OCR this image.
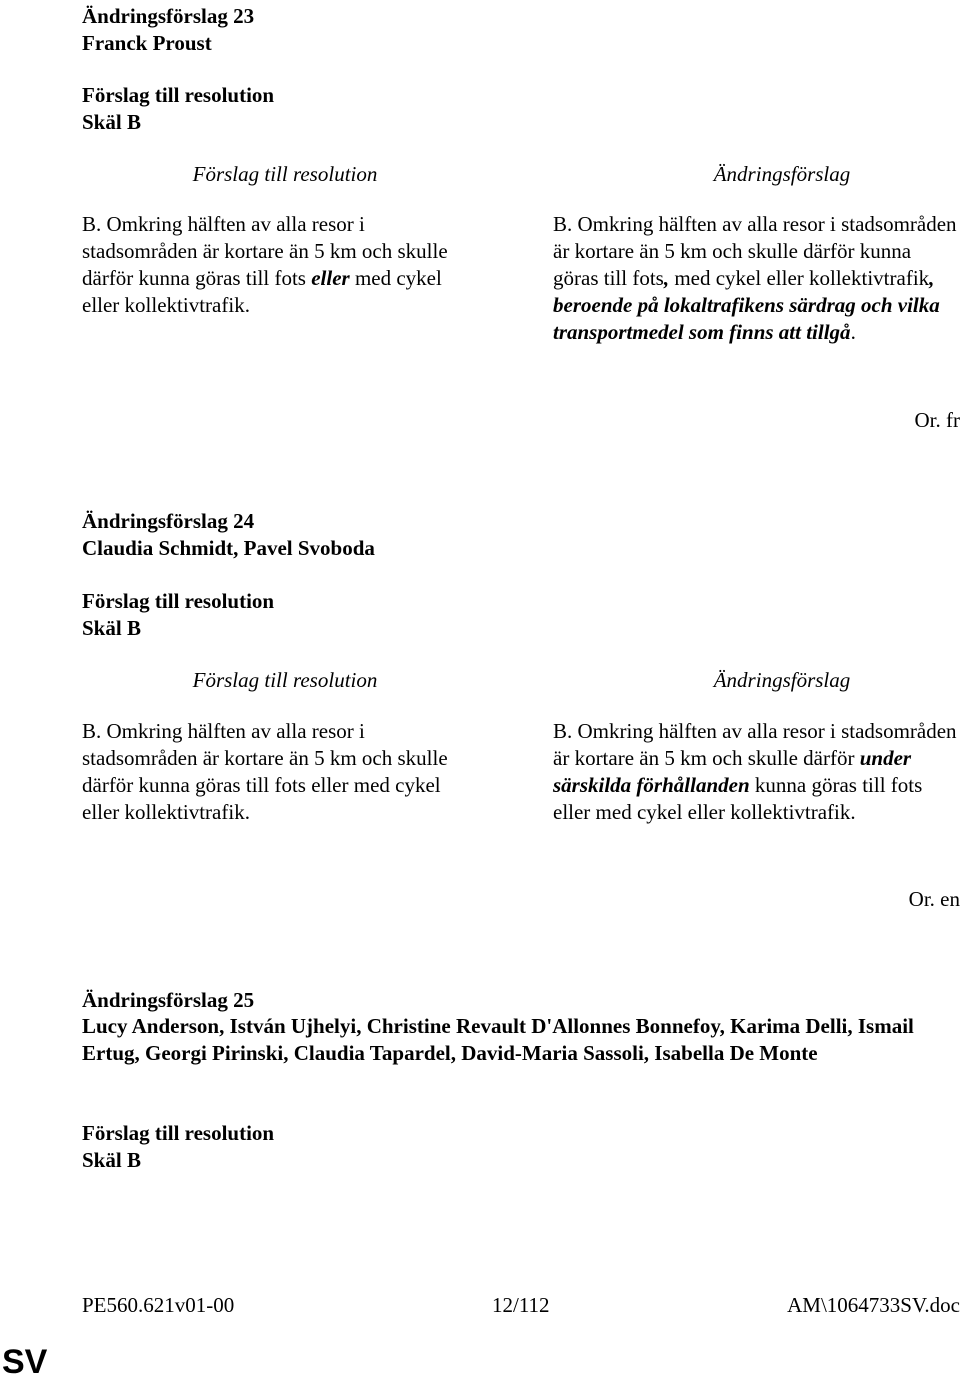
Ändringsförslag 23
Franck Proust
Förslag till resolution
Skäl B
Förslag till resolution	Ändringsförslag

B. Omkring hälften av alla resor i stadsområden är kortare än 5 km och skulle därför kunna göras till fots eller med cykel eller kollektivtrafik.

B. Omkring hälften av alla resor i stadsområden är kortare än 5 km och skulle därför kunna göras till fots, med cykel eller kollektivtrafik, beroende på lokaltrafikens särdrag och vilka transportmedel som finns att tillgå.

Or. fr
Ändringsförslag 24
Claudia Schmidt, Pavel Svoboda
Förslag till resolution
Skäl B
Förslag till resolution	Ändringsförslag

B. Omkring hälften av alla resor i stadsområden är kortare än 5 km och skulle därför kunna göras till fots eller med cykel eller kollektivtrafik.

B. Omkring hälften av alla resor i stadsområden är kortare än 5 km och skulle därför under särskilda förhållanden kunna göras till fots eller med cykel eller kollektivtrafik.

Or. en
Ändringsförslag 25
Lucy Anderson, István Ujhelyi, Christine Revault D'Allonnes Bonnefoy, Karima Delli, Ismail Ertug, Georgi Pirinski, Claudia Tapardel, David-Maria Sassoli, Isabella De Monte
Förslag till resolution
Skäl B
PE560.621v01-00	12/112	AM\1064733SV.doc
SV
